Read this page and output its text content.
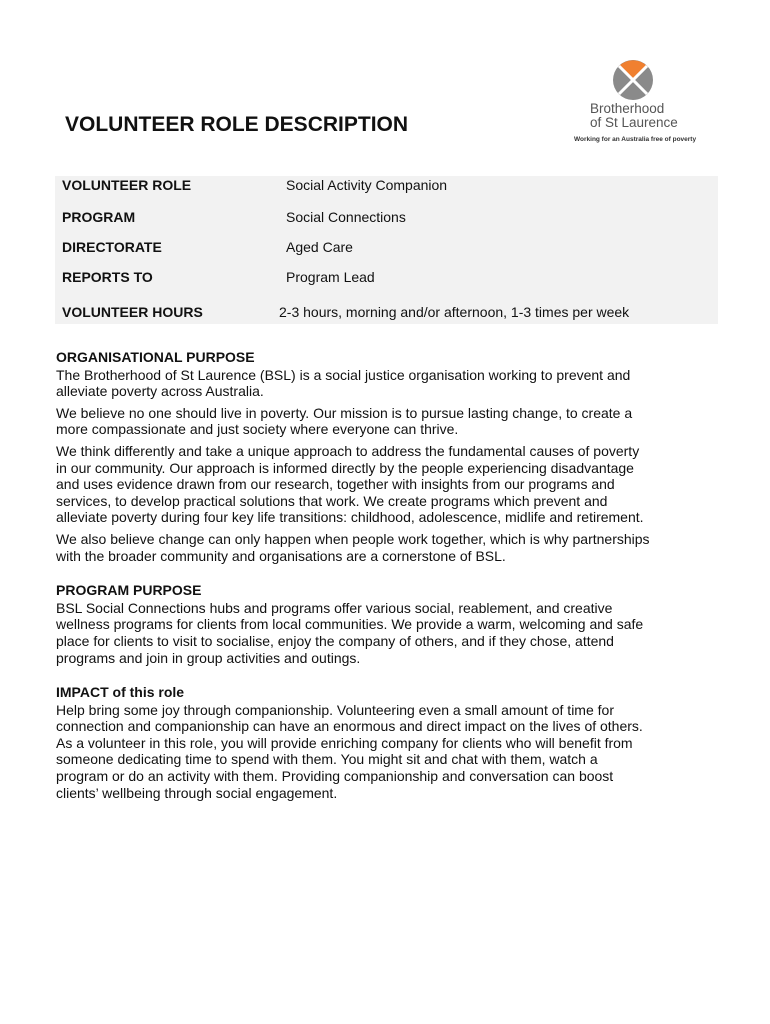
VOLUNTEER ROLE DESCRIPTION
Brotherhood
of St Laurence
Working for an Australia free of poverty
VOLUNTEER ROLE	Social Activity Companion
PROGRAM	Social Connections
DIRECTORATE	Aged Care
REPORTS TO	Program Lead
VOLUNTEER HOURS	2-3 hours, morning and/or afternoon, 1-3 times per week
ORGANISATIONAL PURPOSE
The Brotherhood of St Laurence (BSL) is a social justice organisation working to prevent and
alleviate poverty across Australia.
We believe no one should live in poverty. Our mission is to pursue lasting change, to create a
more compassionate and just society where everyone can thrive.
We think differently and take a unique approach to address the fundamental causes of poverty
in our community. Our approach is informed directly by the people experiencing disadvantage
and uses evidence drawn from our research, together with insights from our programs and
services, to develop practical solutions that work. We create programs which prevent and
alleviate poverty during four key life transitions: childhood, adolescence, midlife and retirement.
We also believe change can only happen when people work together, which is why partnerships
with the broader community and organisations are a cornerstone of BSL.
PROGRAM PURPOSE
BSL Social Connections hubs and programs offer various social, reablement, and creative
wellness programs for clients from local communities. We provide a warm, welcoming and safe
place for clients to visit to socialise, enjoy the company of others, and if they chose, attend
programs and join in group activities and outings.
IMPACT of this role
Help bring some joy through companionship. Volunteering even a small amount of time for
connection and companionship can have an enormous and direct impact on the lives of others.
As a volunteer in this role, you will provide enriching company for clients who will benefit from
someone dedicating time to spend with them. You might sit and chat with them, watch a
program or do an activity with them. Providing companionship and conversation can boost
clients’ wellbeing through social engagement.
